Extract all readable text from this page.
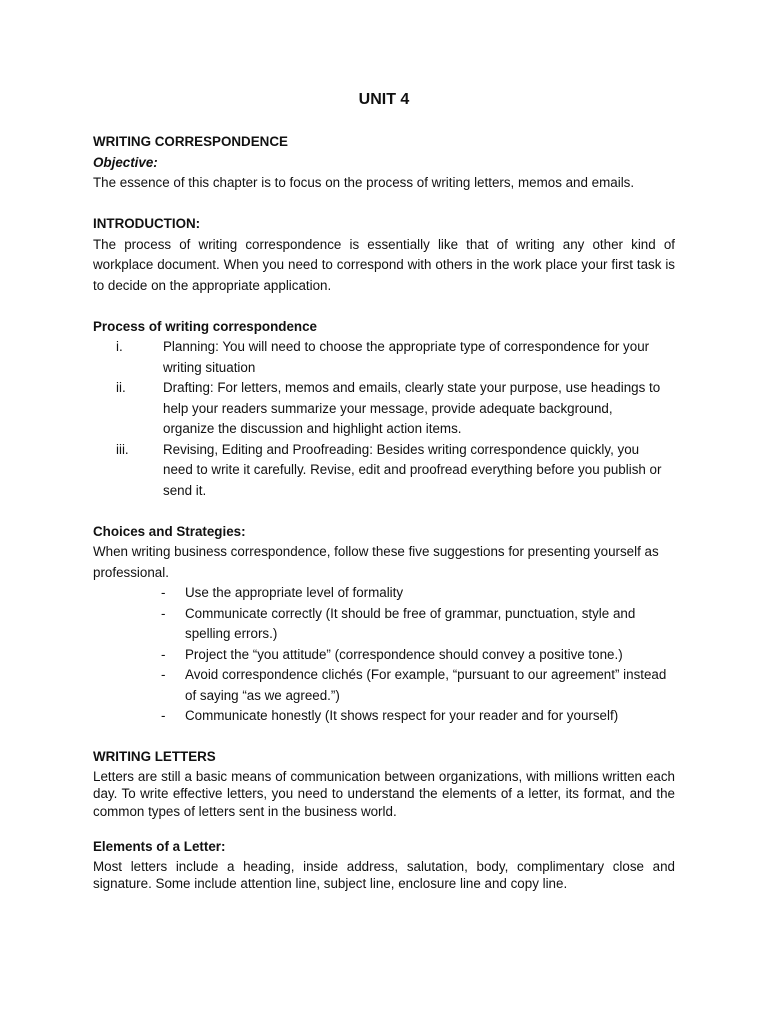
UNIT 4

WRITING CORRESPONDENCE

Objective:

The essence of this chapter is to focus on the process of writing letters, memos and emails.

INTRODUCTION:

The process of writing correspondence is essentially like that of writing any other kind of workplace document. When you need to correspond with others in the work place your first task is to decide on the appropriate application.

Process of writing correspondence

i.	Planning: You will need to choose the appropriate type of correspondence for your writing situation
ii.	Drafting: For letters, memos and emails, clearly state your purpose, use headings to help your readers summarize your message, provide adequate background, organize the discussion and highlight action items.
iii.	Revising, Editing and Proofreading: Besides writing correspondence quickly, you need to write it carefully. Revise, edit and proofread everything before you publish or send it.

Choices and Strategies:

When writing business correspondence, follow these five suggestions for presenting yourself as professional.

-	Use the appropriate level of formality
-	Communicate correctly (It should be free of grammar, punctuation, style and spelling errors.)
-	Project the “you attitude” (correspondence should convey a positive tone.)
-	Avoid correspondence clichés (For example, “pursuant to our agreement” instead of saying “as we agreed.”)
-	Communicate honestly (It shows respect for your reader and for yourself)

WRITING LETTERS

Letters are still a basic means of communication between organizations, with millions written each day. To write effective letters, you need to understand the elements of a letter, its format, and the common types of letters sent in the business world.

Elements of a Letter:

Most letters include a heading, inside address, salutation, body, complimentary close and signature. Some include attention line, subject line, enclosure line and copy line.
